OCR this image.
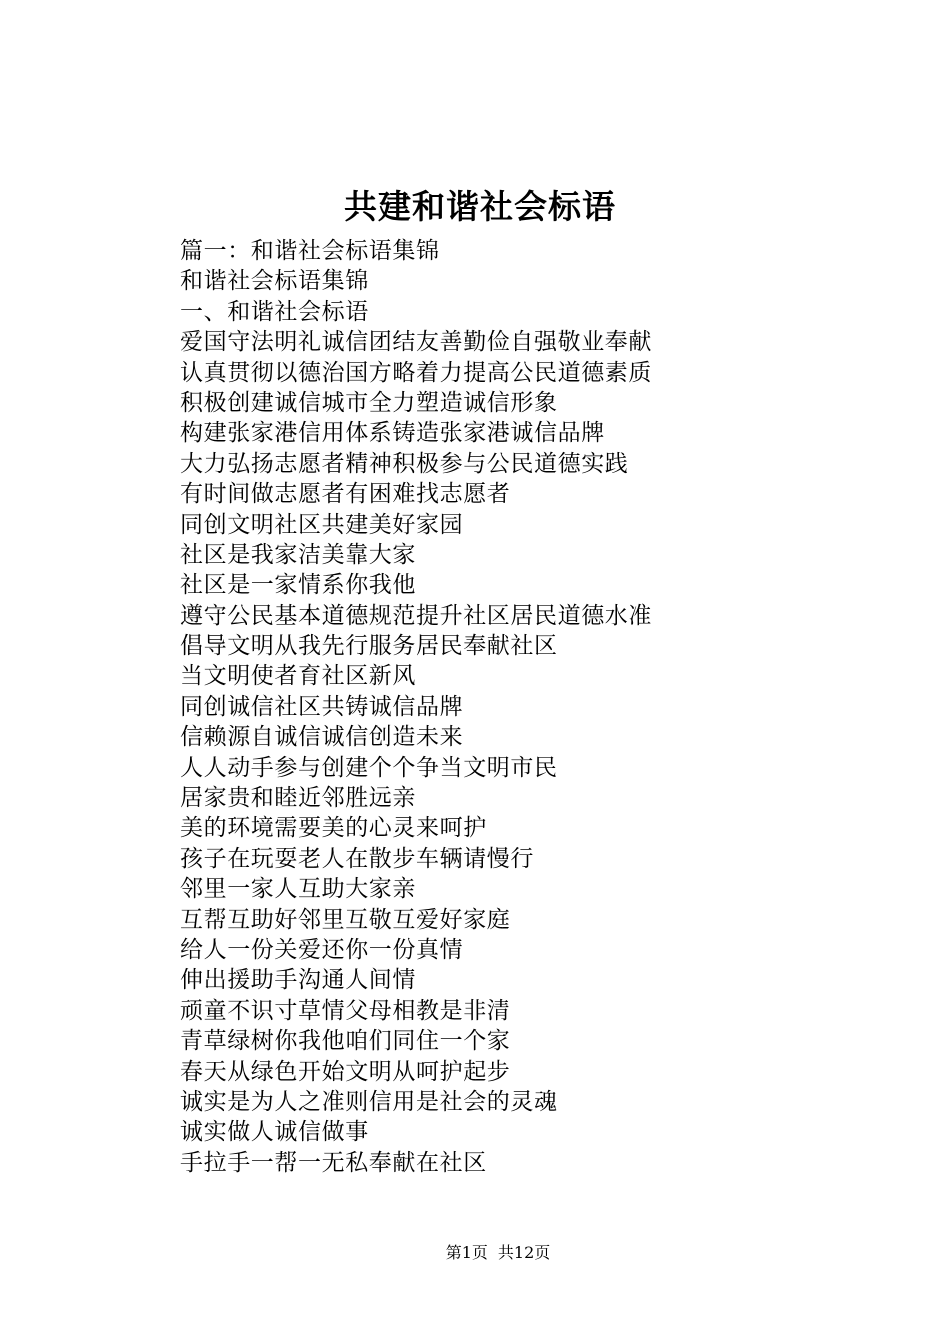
共建和谐社会标语
篇一：和谐社会标语集锦
和谐社会标语集锦
一、和谐社会标语
爱国守法明礼诚信团结友善勤俭自强敬业奉献
认真贯彻以德治国方略着力提高公民道德素质
积极创建诚信城市全力塑造诚信形象
构建张家港信用体系铸造张家港诚信品牌
大力弘扬志愿者精神积极参与公民道德实践
有时间做志愿者有困难找志愿者
同创文明社区共建美好家园
社区是我家洁美靠大家
社区是一家情系你我他
遵守公民基本道德规范提升社区居民道德水准
倡导文明从我先行服务居民奉献社区
当文明使者育社区新风
同创诚信社区共铸诚信品牌
信赖源自诚信诚信创造未来
人人动手参与创建个个争当文明市民
居家贵和睦近邻胜远亲
美的环境需要美的心灵来呵护
孩子在玩耍老人在散步车辆请慢行
邻里一家人互助大家亲
互帮互助好邻里互敬互爱好家庭
给人一份关爱还你一份真情
伸出援助手沟通人间情
顽童不识寸草情父母相教是非清
青草绿树你我他咱们同住一个家
春天从绿色开始文明从呵护起步
诚实是为人之准则信用是社会的灵魂
诚实做人诚信做事
手拉手一帮一无私奉献在社区
第1页 共12页
